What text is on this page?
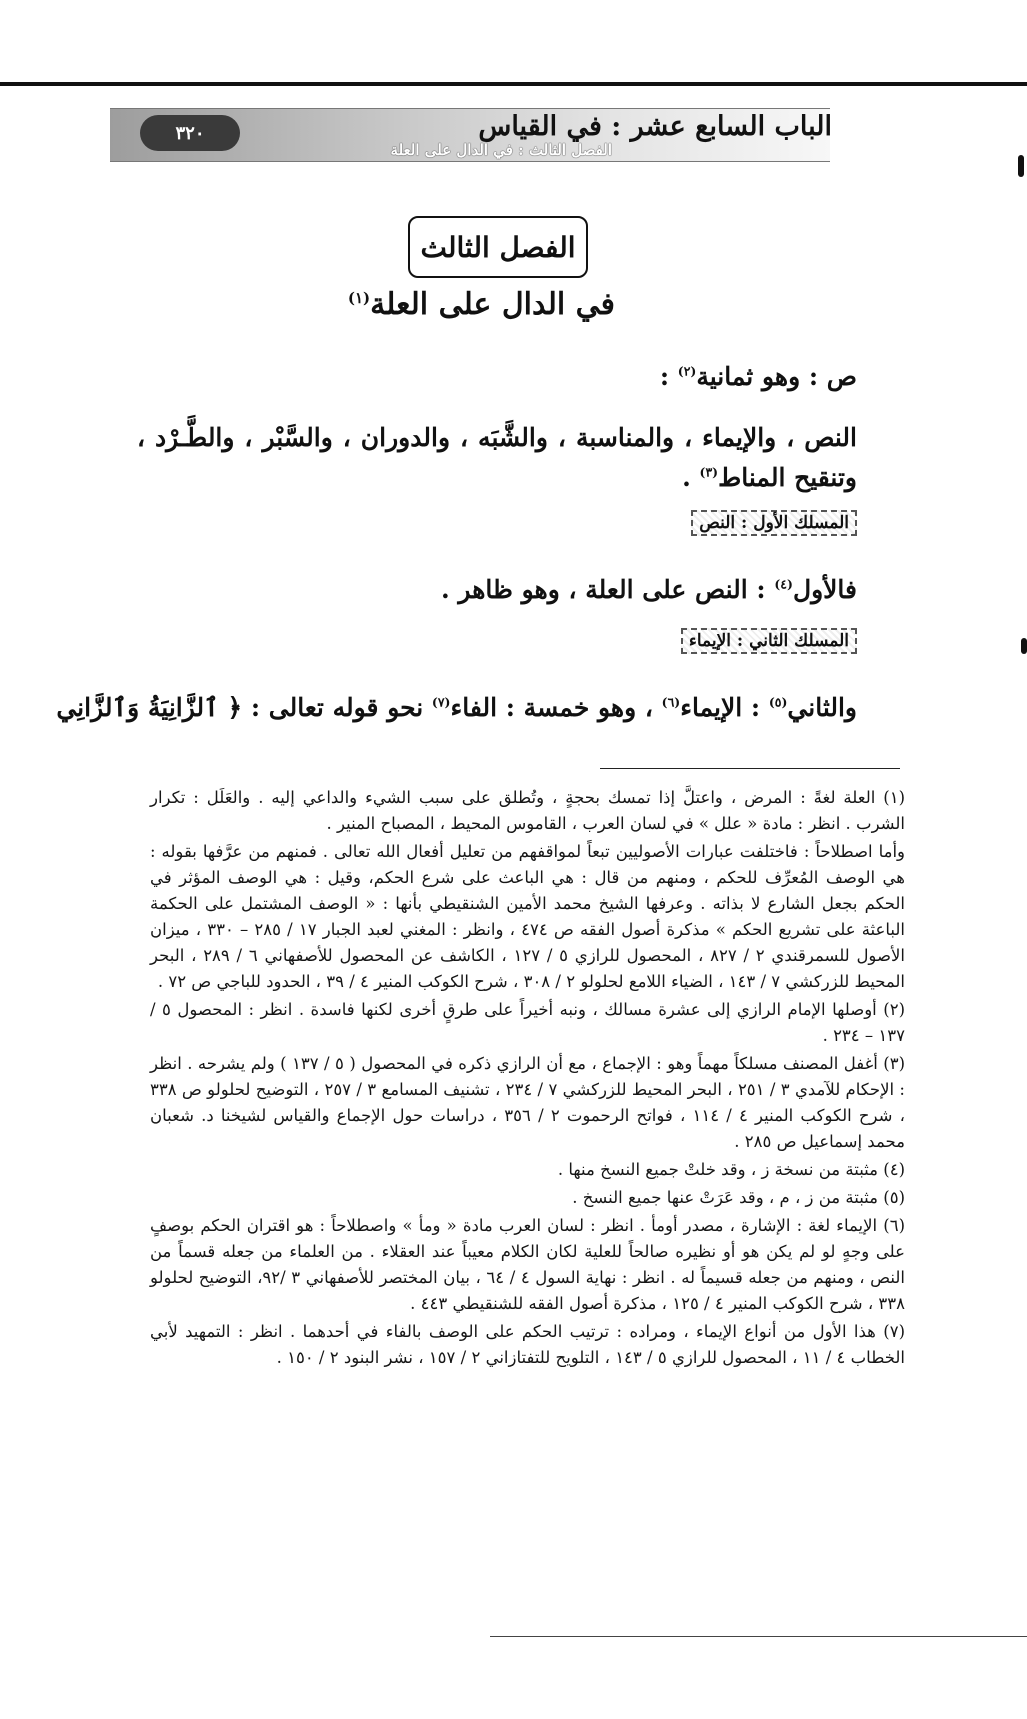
٣٢٠	الباب السابع عشر : في القياس
الفصل الثالث : في الدال على العلة
الفصل الثالث
في الدال على العلة$^{(١)}$
ص : وهو ثمانية$^{(٢)}$ :
النص ، والإيماء ، والمناسبة ، والشَّبَه ، والدوران ، والسَّبْر ، والطَّـرْد ، وتنقيح المناط$^{(٣)}$ .
المسلك الأول : النص
فالأول$^{(٤)}$ : النص على العلة ، وهو ظاهر .
المسلك الثاني : الإيماء
والثاني$^{(٥)}$ : الإيماء$^{(٦)}$ ، وهو خمسة : الفاء$^{(٧)}$ نحو قوله تعالى : ﴿ ٱلزَّانِيَةُ وَٱلزَّانِي

(١) العلة لغةً : المرض ، واعتلَّ إذا تمسك بحجةٍ ، وتُطلق على سبب الشيء والداعي إليه . والعَلَل : تكرار الشرب . انظر : مادة « علل » في لسان العرب ، القاموس المحيط ، المصباح المنير .

وأما اصطلاحاً : فاختلفت عبارات الأصوليين تبعاً لمواقفهم من تعليل أفعال الله تعالى . فمنهم من عرَّفها بقوله : هي الوصف المُعرِّف للحكم ، ومنهم من قال : هي الباعث على شرع الحكم، وقيل : هي الوصف المؤثر في الحكم بجعل الشارع لا بذاته . وعرفها الشيخ محمد الأمين الشنقيطي بأنها : « الوصف المشتمل على الحكمة الباعثة على تشريع الحكم » مذكرة أصول الفقه ص ٤٧٤ ، وانظر : المغني لعبد الجبار ١٧ / ٢٨٥ – ٣٣٠ ، ميزان الأصول للسمرقندي ٢ / ٨٢٧ ، المحصول للرازي ٥ / ١٢٧ ، الكاشف عن المحصول للأصفهاني ٦ / ٢٨٩ ، البحر المحيط للزركشي ٧ / ١٤٣ ، الضياء اللامع لحلولو ٢ / ٣٠٨ ، شرح الكوكب المنير ٤ / ٣٩ ، الحدود للباجي ص ٧٢ .

(٢) أوصلها الإمام الرازي إلى عشرة مسالك ، ونبه أخيراً على طرقٍ أخرى لكنها فاسدة . انظر : المحصول ٥ / ١٣٧ – ٢٣٤ .

(٣) أغفل المصنف مسلكاً مهماً وهو : الإجماع ، مع أن الرازي ذكره في المحصول ( ٥ / ١٣٧ ) ولم يشرحه . انظر : الإحكام للآمدي ٣ / ٢٥١ ، البحر المحيط للزركشي ٧ / ٢٣٤ ، تشنيف المسامع ٣ / ٢٥٧ ، التوضيح لحلولو ص ٣٣٨ ، شرح الكوكب المنير ٤ / ١١٤ ، فواتح الرحموت ٢ / ٣٥٦ ، دراسات حول الإجماع والقياس لشيخنا د. شعبان محمد إسماعيل ص ٢٨٥ .

(٤) مثبتة من نسخة ز ، وقد خلتْ جميع النسخ منها .

(٥) مثبتة من ز ، م ، وقد عَرَتْ عنها جميع النسخ .

(٦) الإيماء لغة : الإشارة ، مصدر أومأ . انظر : لسان العرب مادة « ومأ » واصطلاحاً : هو اقتران الحكم بوصفٍ على وجهٍ لو لم يكن هو أو نظيره صالحاً للعلية لكان الكلام معيباً عند العقلاء . من العلماء من جعله قسماً من النص ، ومنهم من جعله قسيماً له . انظر : نهاية السول ٤ / ٦٤ ، بيان المختصر للأصفهاني ٣ /٩٢، التوضيح لحلولو ٣٣٨ ، شرح الكوكب المنير ٤ / ١٢٥ ، مذكرة أصول الفقه للشنقيطي ٤٤٣ .

(٧) هذا الأول من أنواع الإيماء ، ومراده : ترتيب الحكم على الوصف بالفاء في أحدهما . انظر : التمهيد لأبي الخطاب ٤ / ١١ ، المحصول للرازي ٥ / ١٤٣ ، التلويح للتفتازاني ٢ / ١٥٧ ، نشر البنود ٢ / ١٥٠ .
